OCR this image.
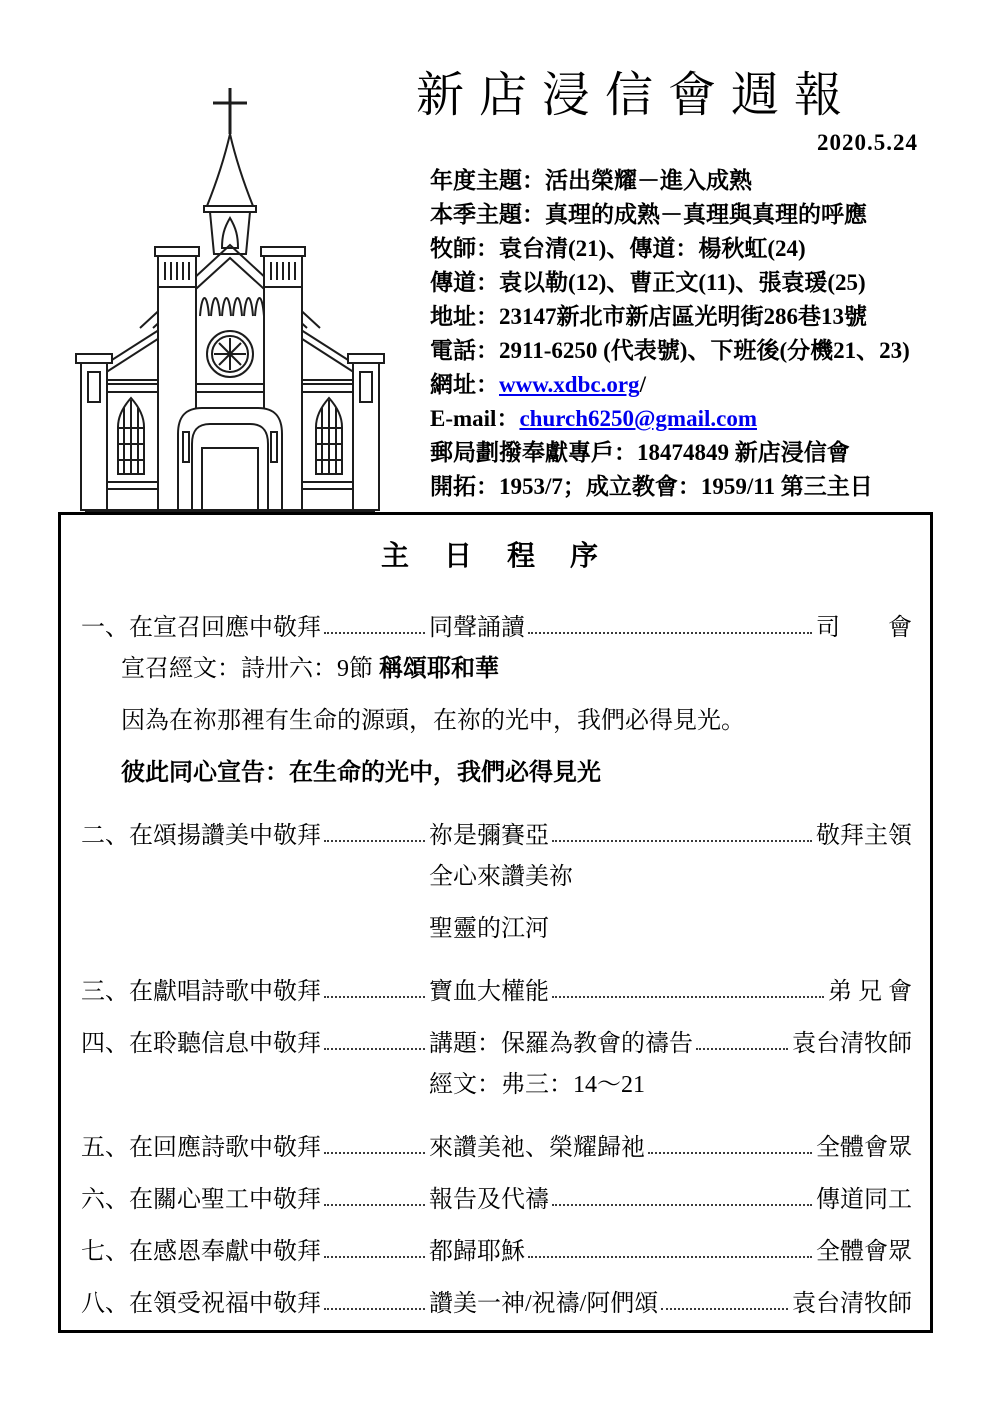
新店浸信會週報
2020.5.24
年度主題：活出榮耀－進入成熟
本季主題：真理的成熟－真理與真理的呼應
牧師：袁台清(21)、傳道：楊秋虹(24)
傳道：袁以勒(12)、曹正文(11)、張袁瑗(25)
地址：23147新北市新店區光明街286巷13號
電話：2911-6250 (代表號)、下班後(分機21、23)
網址：www.xdbc.org/
E-mail：church6250@gmail.com
郵局劃撥奉獻專戶：18474849 新店浸信會
開拓：1953/7；成立教會：1959/11 第三主日
主 日 程 序
一、在宣召回應中敬拜	同聲誦讀	司　　會
宣召經文：詩卅六：9節 稱頌耶和華
因為在祢那裡有生命的源頭，在祢的光中，我們必得見光。
彼此同心宣告：在生命的光中，我們必得見光
二、在頌揚讚美中敬拜	祢是彌賽亞	敬拜主領
全心來讚美祢
聖靈的江河
三、在獻唱詩歌中敬拜	寶血大權能	弟 兄 會
四、在聆聽信息中敬拜	講題：保羅為教會的禱告	袁台清牧師
經文：弗三：14～21
五、在回應詩歌中敬拜	來讚美祂、榮耀歸祂	全體會眾
六、在關心聖工中敬拜	報告及代禱	傳道同工
七、在感恩奉獻中敬拜	都歸耶穌	全體會眾
八、在領受祝福中敬拜	讚美一神/祝禱/阿們頌	袁台清牧師
